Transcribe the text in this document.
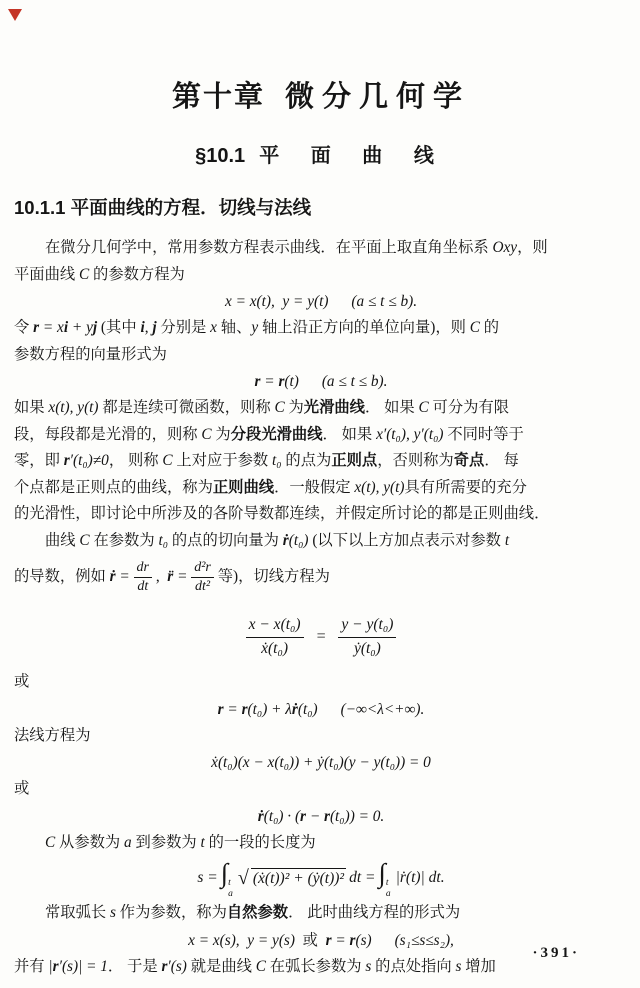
第十章 微分几何学
§10.1 平 面 曲 线
10.1.1 平面曲线的方程．切线与法线
在微分几何学中，常用参数方程表示曲线．在平面上取直角坐标系 Oxy，则
平面曲线 C 的参数方程为
x = x(t),  y = y(t) (a ≤ t ≤ b).
令 r = xi + yj (其中 i, j 分别是 x 轴、y 轴上沿正方向的单位向量)，则 C 的
参数方程的向量形式为
r = r(t) (a ≤ t ≤ b).
如果 x(t), y(t) 都是连续可微函数，则称 C 为光滑曲线． 如果 C 可分为有限
段，每段都是光滑的，则称 C 为分段光滑曲线． 如果 x′(t₀), y′(t₀) 不同时等于
零，即 r′(t₀)≠0， 则称 C 上对应于参数 t₀ 的点为正则点，否则称为奇点． 每
个点都是正则点的曲线，称为正则曲线．一般假定 x(t), y(t)具有所需要的充分
的光滑性，即讨论中所涉及的各阶导数都连续，并假定所讨论的都是正则曲线．
曲线 C 在参数为 t₀ 的点的切向量为 ṙ(t₀) (以下以上方加点表示对参数 t
的导数，例如 ṙ = $\frac{dr}{dt}$ ,  r̈ = $\frac{\text{d²r}}{\text{dt²}}$ 等)，切线方程为
$\frac{\text{x − x(t₀)}}{\text{ẋ(t₀)}} = \frac{\text{y − y(t₀)}}{\text{ẏ(t₀)}}$
或
r = r(t₀) + λṙ(t₀) (−∞<λ<+∞).
法线方程为
ẋ(t₀)(x − x(t₀)) + ẏ(t₀)(y − y(t₀)) = 0
或
ṙ(t₀) · (r − r(t₀)) = 0.
C 从参数为 a 到参数为 t 的一段的长度为
s = ∫ t
a
√ (ẋ(t))² + (ẏ(t))² dt = ∫ t
a
|ṙ(t)| dt.
常取弧长 s 作为参数，称为自然参数． 此时曲线方程的形式为
x = x(s),  y = y(s)  或  r = r(s) (s₁≤s≤s₂),
并有 |r′(s)| = 1． 于是 r′(s) 就是曲线 C 在弧长参数为 s 的点处指向 s 增加
·391·
